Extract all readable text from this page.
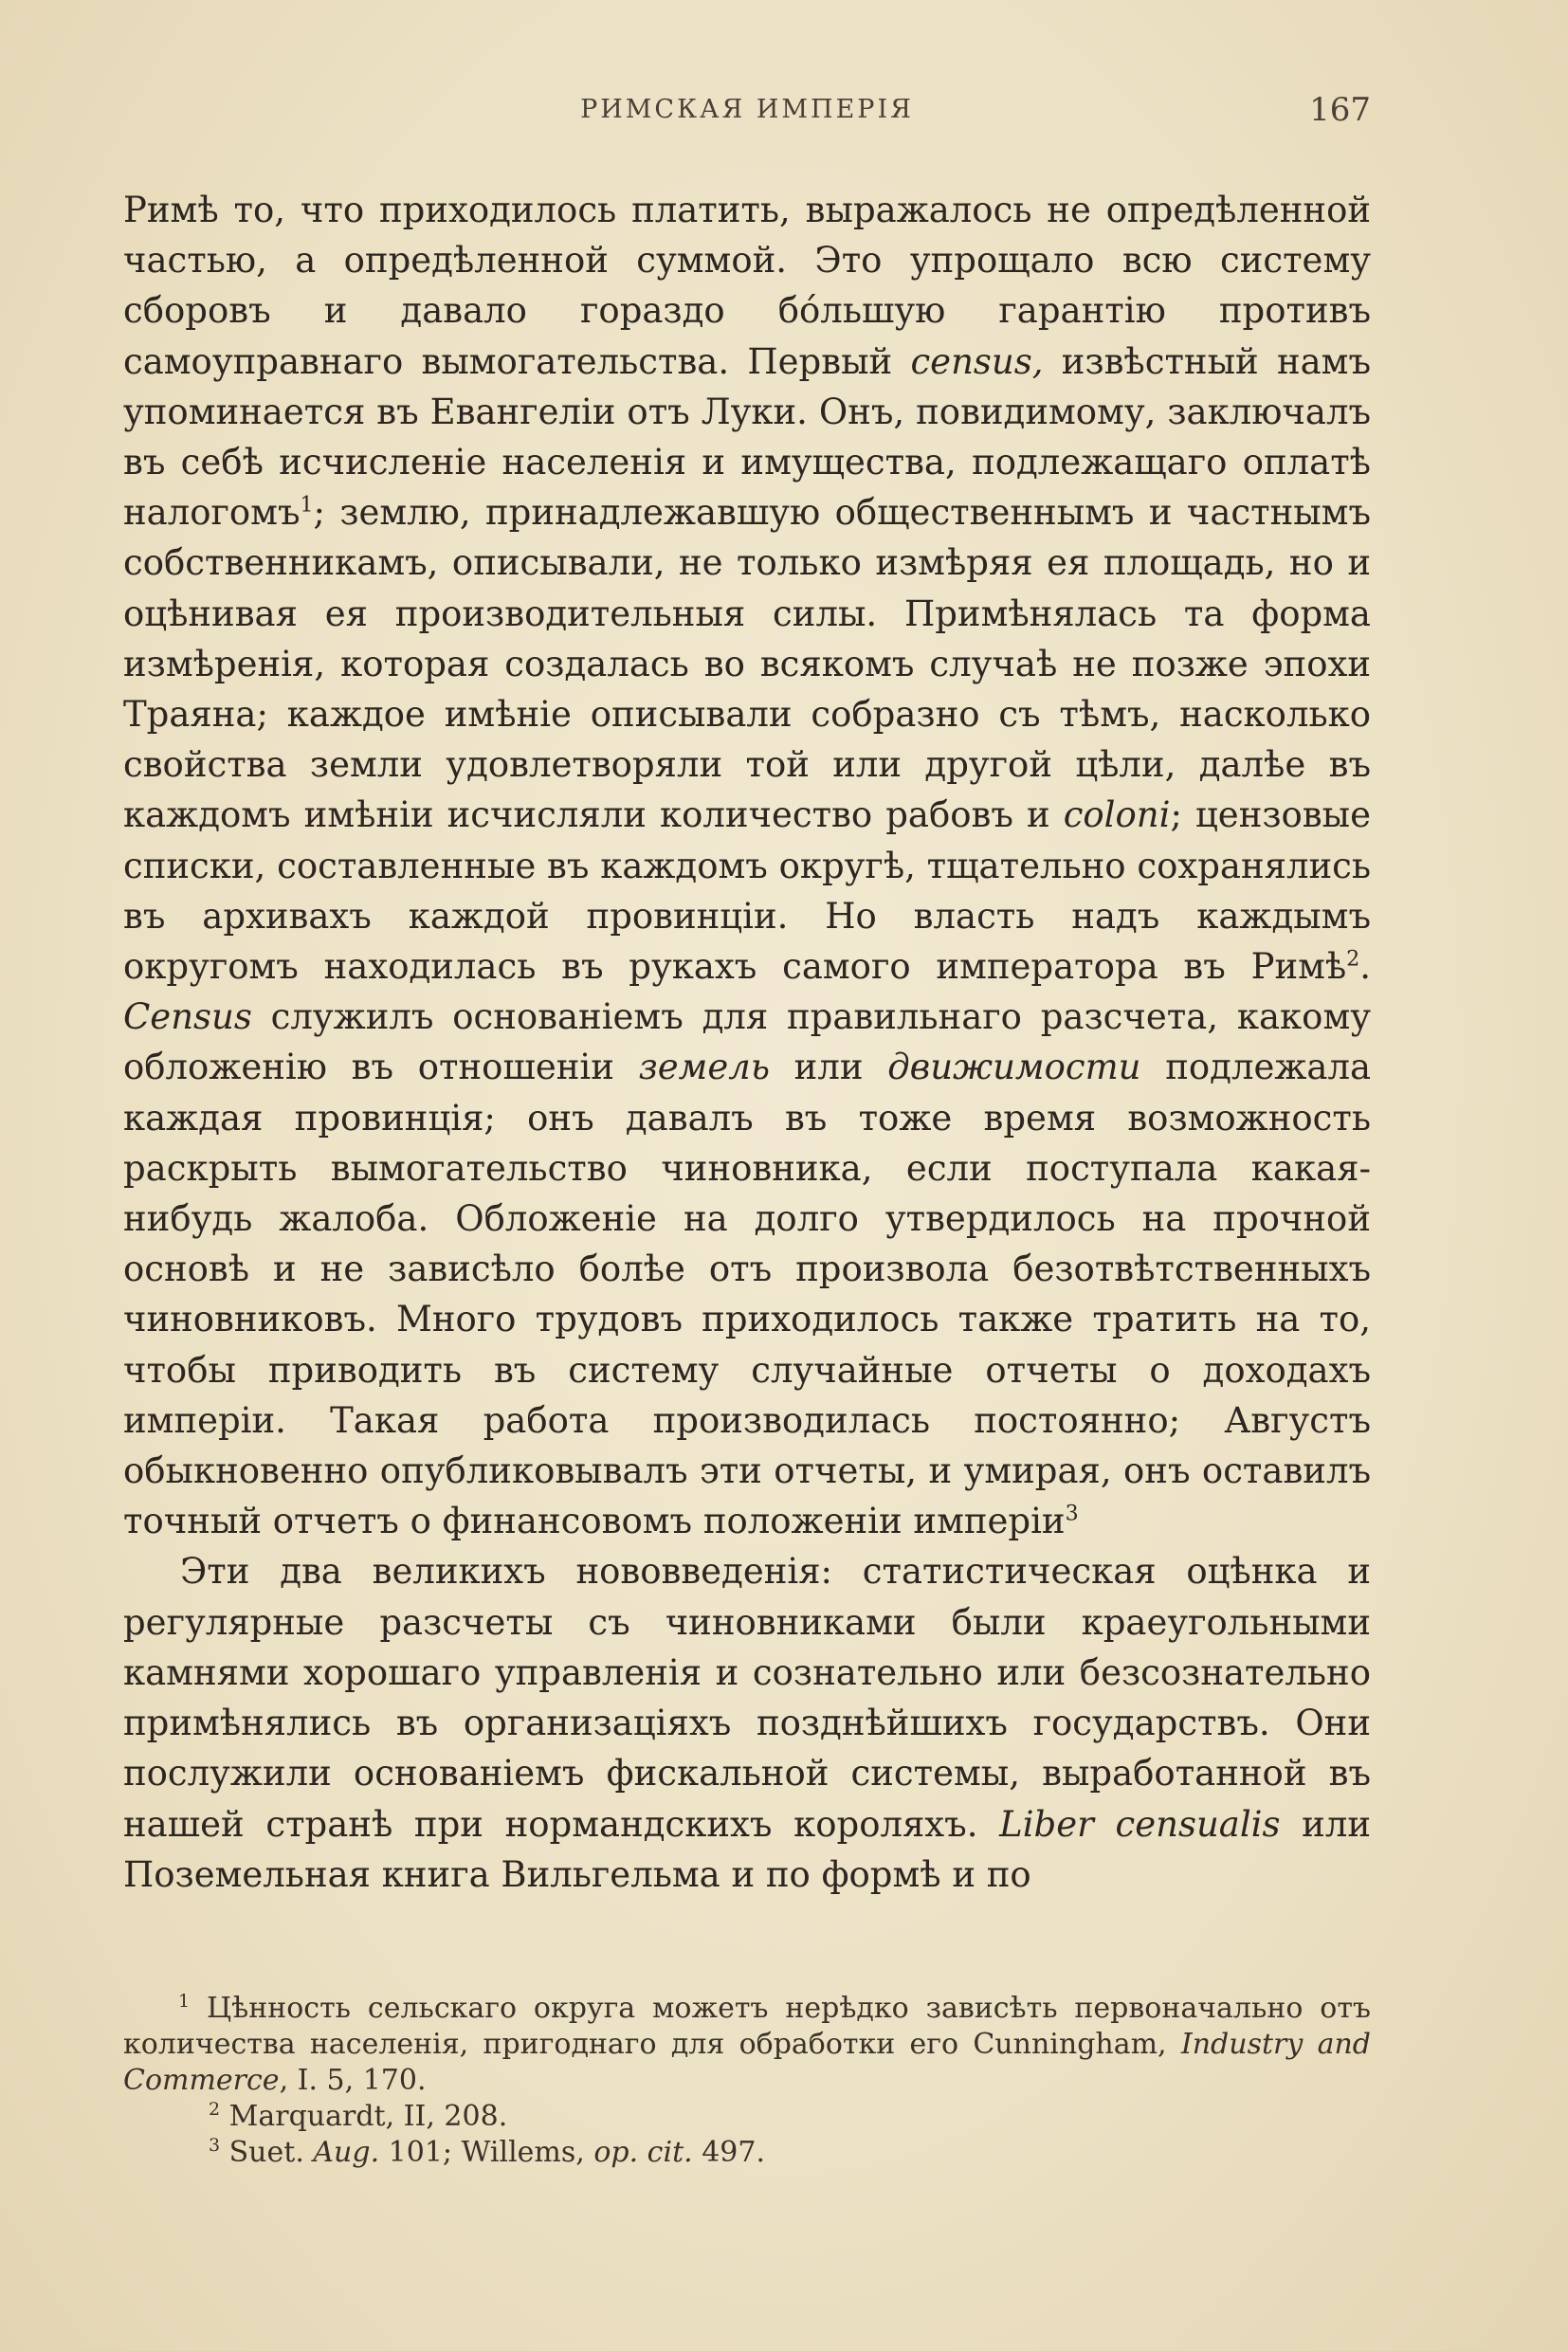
РИМСКАЯ ИМПЕРІЯ	167

Римѣ то, что приходилось платить, выражалось не опредѣленной частью, а опредѣленной суммой. Это упрощало всю систему сборовъ и давало гораздо бо́льшую гарантію противъ самоуправнаго вымогательства. Первый census, извѣстный намъ упоминается въ Евангеліи отъ Луки. Онъ, повидимому, заключалъ въ себѣ исчисленіе населенія и имущества, подлежащаго оплатѣ налогомъ$^1$; землю, принадлежавшую общественнымъ и частнымъ собственникамъ, описывали, не только измѣряя ея площадь, но и оцѣнивая ея производительныя силы. Примѣнялась та форма измѣренія, которая создалась во всякомъ случаѣ не позже эпохи Траяна; каждое имѣніе описывали собразно съ тѣмъ, насколько свойства земли удовлетворяли той или другой цѣли, далѣе въ каждомъ имѣніи исчисляли количество рабовъ и coloni; цензовые списки, составленные въ каждомъ округѣ, тщательно сохранялись въ архивахъ каждой провинціи. Но власть надъ каждымъ округомъ находилась въ рукахъ самого императора въ Римѣ$^2$. Census служилъ основаніемъ для правильнаго разсчета, какому обложенію въ отношеніи земель или движимости подлежала каждая провинція; онъ давалъ въ тоже время возможность раскрыть вымогательство чиновника, если поступала какая-нибудь жалоба. Обложеніе на долго утвердилось на прочной основѣ и не зависѣло болѣе отъ произвола безотвѣтственныхъ чиновниковъ. Много трудовъ приходилось также тратить на то, чтобы приводить въ систему случайные отчеты о доходахъ имперіи. Такая работа производилась постоянно; Августъ обыкновенно опубликовывалъ эти отчеты, и умирая, онъ оставилъ точный отчетъ о финансовомъ положеніи имперіи$^3$

Эти два великихъ нововведенія: статистическая оцѣнка и регулярные разсчеты съ чиновниками были краеугольными камнями хорошаго управленія и сознательно или безсознательно примѣнялись въ организаціяхъ позднѣйшихъ государствъ. Они послужили основаніемъ фискальной системы, выработанной въ нашей странѣ при нормандскихъ короляхъ. Liber censualis или Поземельная книга Вильгельма и по формѣ и по

$^1$ Цѣнность сельскаго округа можетъ нерѣдко зависѣть первоначально отъ количества населенія, пригоднаго для обработки его Cunningham, Industry and Commerce, I. 5, 170.
$^2$ Marquardt, II, 208.
$^3$ Suet. Aug. 101; Willems, op. cit. 497.
